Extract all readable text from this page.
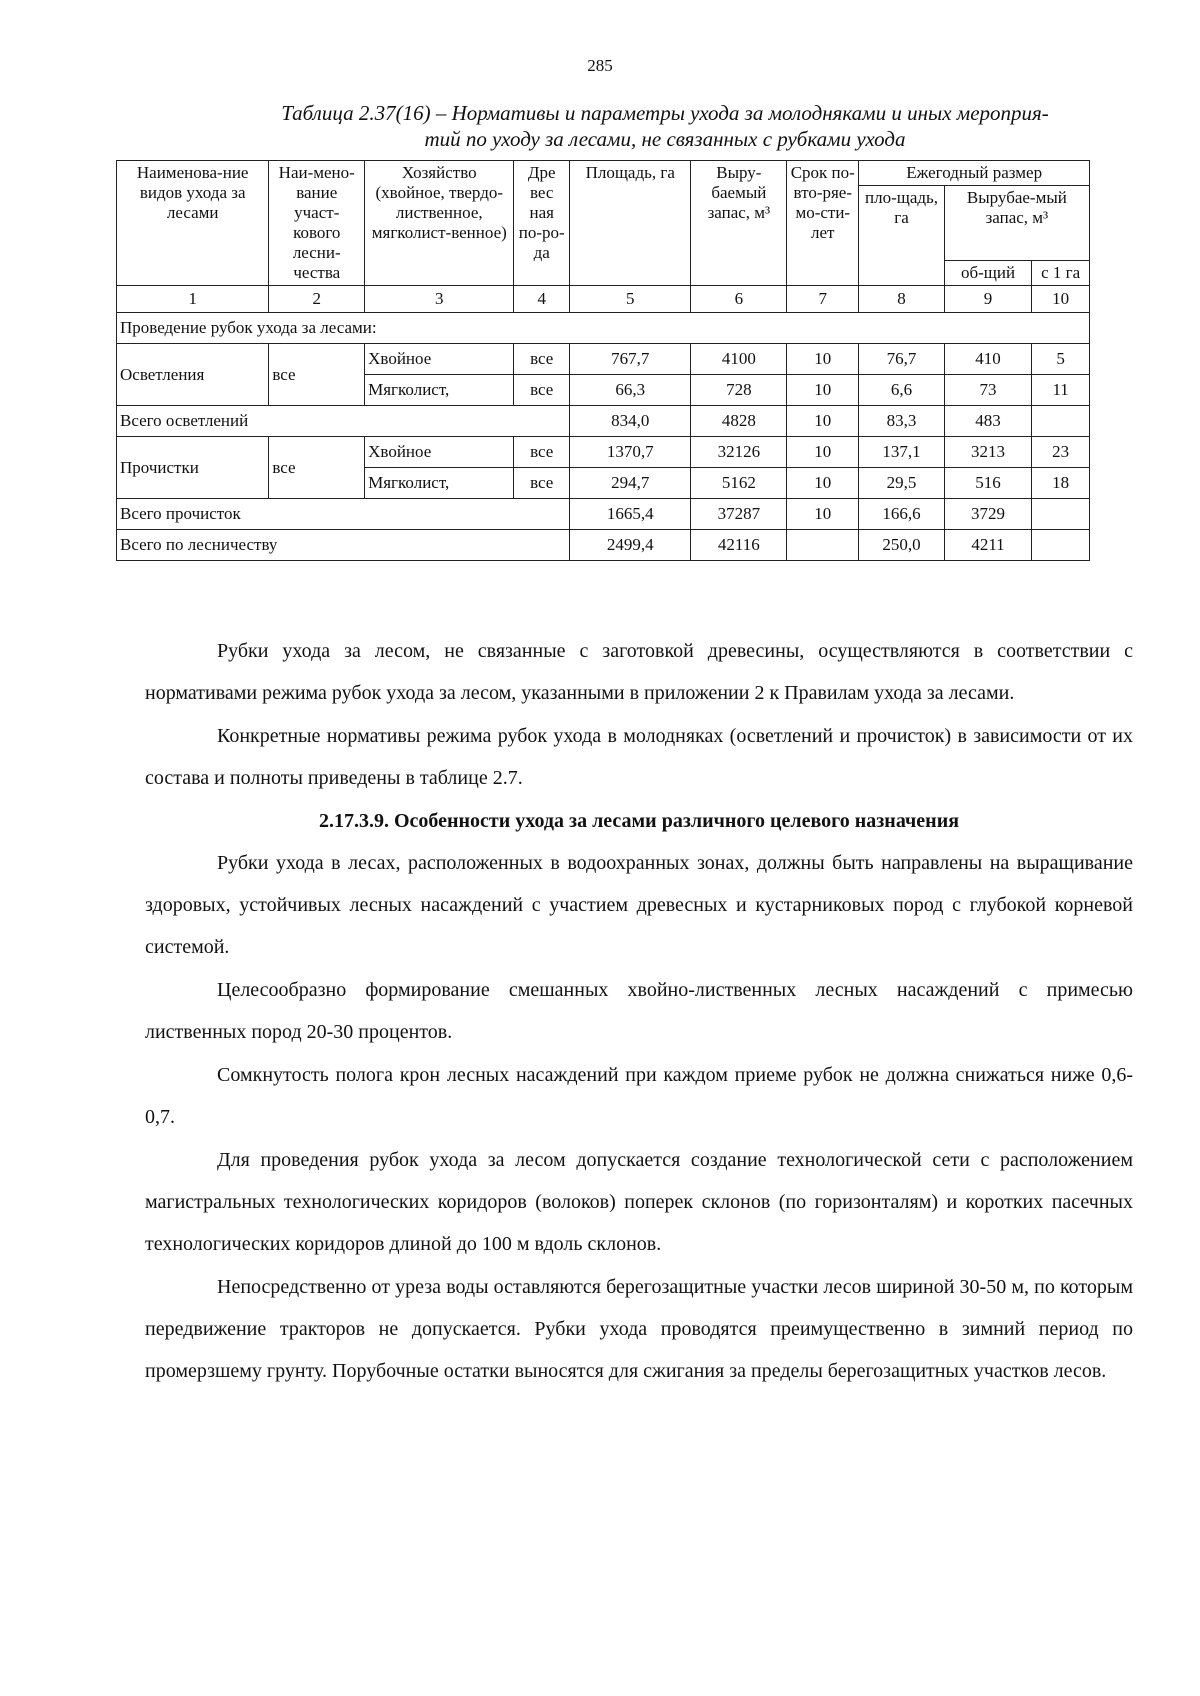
285
Таблица 2.37(16) – Нормативы и параметры ухода за молодняками и иных мероприя-
тий по уходу за лесами, не связанных с рубками ухода
Наименова-ние видов ухода за лесами	Наи-мено-вание участ-кового лесни-чества	Хозяйство (хвойное, твердо-лиственное, мягколист-венное)	Дре вес ная по-ро-да	Площадь, га	Выру-баемый запас, м³	Срок по-вто-ряе-мо-сти-лет	Ежегодный размер		
							пло-щадь, га	Вырубае-мый запас, м³	
								об-щий	с 1 га
1	2	3	4	5	6	7	8	9	10
Проведение рубок ухода за лесами:									
Осветления	все	Хвойное	все	767,7	4100	10	76,7	410	5
		Мягколист,	все	66,3	728	10	6,6	73	11
Всего осветлений				834,0	4828	10	83,3	483	
Прочистки	все	Хвойное	все	1370,7	32126	10	137,1	3213	23
		Мягколист,	все	294,7	5162	10	29,5	516	18
Всего прочисток				1665,4	37287	10	166,6	3729	
Всего по лесничеству				2499,4	42116		250,0	4211	

Рубки ухода за лесом, не связанные с заготовкой древесины, осуществляются в соответствии с нормативами режима рубок ухода за лесом, указанными в приложении 2 к Правилам ухода за лесами.

Конкретные нормативы режима рубок ухода в молодняках (осветлений и прочисток) в зависимости от их состава и полноты приведены в таблице 2.7.

2.17.3.9. Особенности ухода за лесами различного целевого назначения

Рубки ухода в лесах, расположенных в водоохранных зонах, должны быть направлены на выращивание здоровых, устойчивых лесных насаждений с участием древесных и кустарниковых пород с глубокой корневой системой.

Целесообразно формирование смешанных хвойно-лиственных лесных насаждений с примесью лиственных пород 20-30 процентов.

Сомкнутость полога крон лесных насаждений при каждом приеме рубок не должна снижаться ниже 0,6-0,7.

Для проведения рубок ухода за лесом допускается создание технологической сети с расположением магистральных технологических коридоров (волоков) поперек склонов (по горизонталям) и коротких пасечных технологических коридоров длиной до 100 м вдоль склонов.

Непосредственно от уреза воды оставляются берегозащитные участки лесов шириной 30-50 м, по которым передвижение тракторов не допускается. Рубки ухода проводятся преимущественно в зимний период по промерзшему грунту. Порубочные остатки выносятся для сжигания за пределы берегозащитных участков лесов.
